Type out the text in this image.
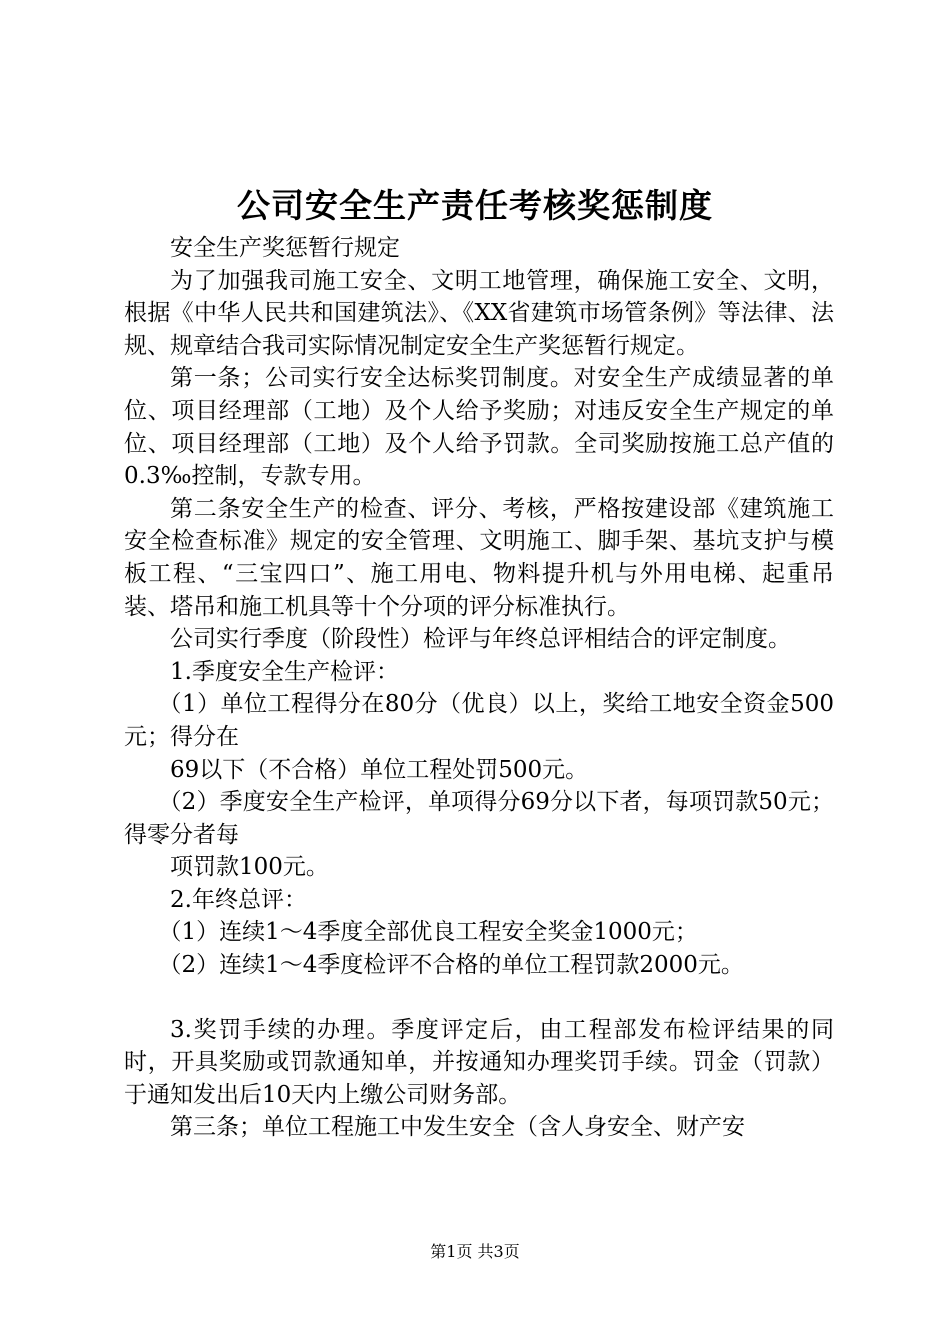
公司安全生产责任考核奖惩制度

安全生产奖惩暂行规定

为了加强我司施工安全、文明工地管理，确保施工安全、文明，根据《中华人民共和国建筑法》、《XX省建筑市场管条例》等法律、法规、规章结合我司实际情况制定安全生产奖惩暂行规定。

第一条；公司实行安全达标奖罚制度。对安全生产成绩显著的单位、项目经理部（工地）及个人给予奖励；对违反安全生产规定的单位、项目经理部（工地）及个人给予罚款。全司奖励按施工总产值的0.3‰控制，专款专用。

第二条安全生产的检查、评分、考核，严格按建设部《建筑施工安全检查标准》规定的安全管理、文明施工、脚手架、基坑支护与模板工程、“三宝四口”、施工用电、物料提升机与外用电梯、起重吊装、塔吊和施工机具等十个分项的评分标准执行。

公司实行季度（阶段性）检评与年终总评相结合的评定制度。

1.季度安全生产检评：

（1）单位工程得分在80分（优良）以上，奖给工地安全资金500元；得分在

69以下（不合格）单位工程处罚500元。

（2）季度安全生产检评，单项得分69分以下者，每项罚款50元；得零分者每

项罚款100元。

2.年终总评：

（1）连续1～4季度全部优良工程安全奖金1000元；

（2）连续1～4季度检评不合格的单位工程罚款2000元。

3.奖罚手续的办理。季度评定后，由工程部发布检评结果的同时，开具奖励或罚款通知单，并按通知办理奖罚手续。罚金（罚款）于通知发出后10天内上缴公司财务部。

第三条；单位工程施工中发生安全（含人身安全、财产安

第1页 共3页
